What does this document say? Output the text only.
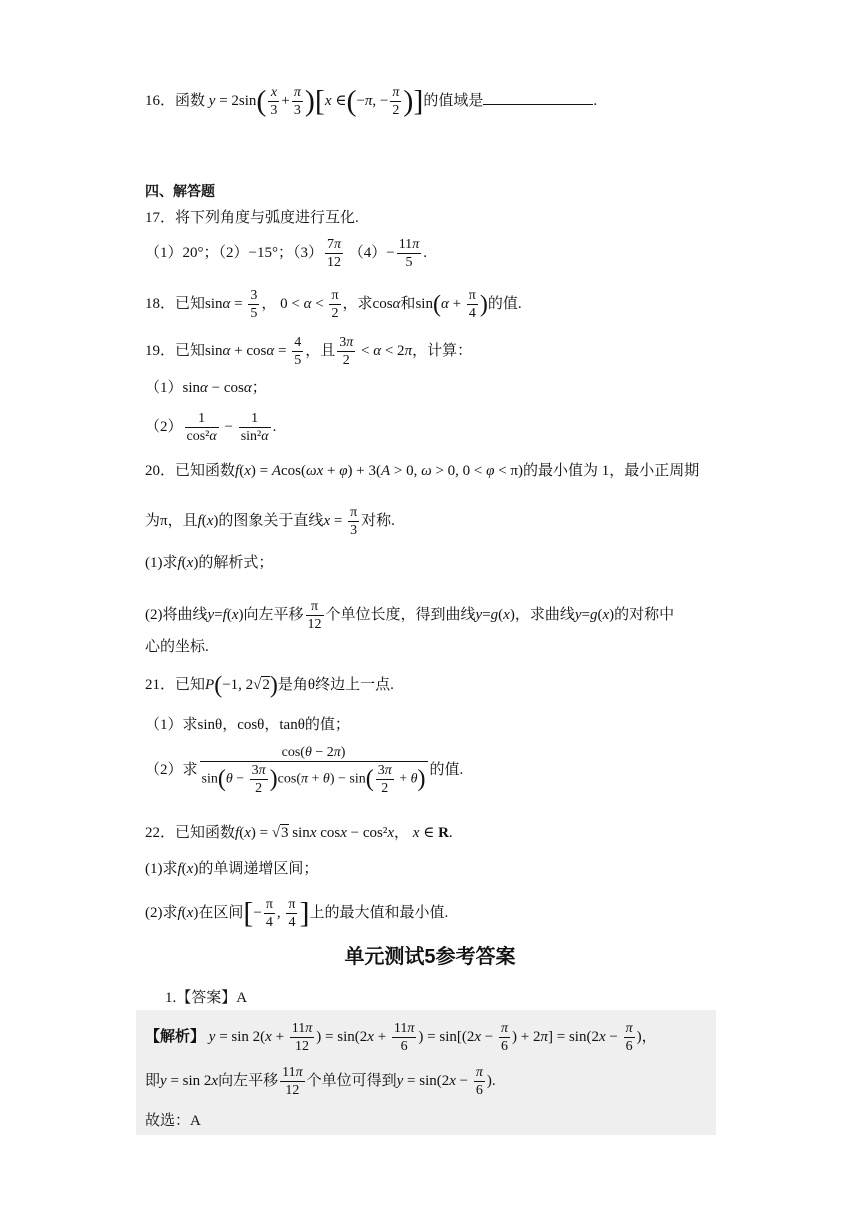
16．函数 $y = 2\sin( \frac{x}{3} + \frac{\pi}{3} )[x$ ∈(−π, − $\frac{\pi}{2}$ )]的值域是	.
四、解答题
17．将下列角度与弧度进行互化.
（1）20°；（2）−15°；$(3) \frac{7\pi}{12} (4)- \frac{11\pi}{5}$ .
18．已知$\sin\alpha = \frac{3}{5}$ ， $0 < \alpha < \frac{\pi}{2}$ ，求cosα和$\sin(\alpha + \frac{\pi}{4}$ )的值.
19．已知$\sin\alpha + \cos\alpha = \frac{4}{5}$ ，且 $\frac{3\pi}{2} < \alpha < 2\pi$，计算：
（1）sinα − cosα；
$(2) \frac{1}{\text{cos²α}} - \frac{1}{\text{sin²α}}$ .
20．已知函数f(x) = Acos(ωx + φ) + 3(A > 0, ω > 0, 0 < φ < π)的最小值为 1，最小正周期
为π，且f(x)的图象关于直线$x = \frac{\pi}{3}$ 对称.
(1)求f(x)的解析式；
(2)将曲线y=f(x)向左平移 $\frac{\pi}{12}$ 个单位长度，得到曲线y=g(x)，求曲线y=g(x)的对称中
心的坐标.
21．已知P(−1, 2√2)是角θ终边上一点.
（1）求sinθ，cosθ，tanθ的值；
（2）求 $\frac{\cos(\theta - 2\pi)}{\sin(\theta - \frac{3\pi}{2} )\cos(\pi + \theta) - \sin( \frac{3\pi}{2} + \theta)}$ 的值.
22．已知函数f(x) = √3 sinx cosx − cos²x， x ∈ R.
(1)求f(x)的单调递增区间；
(2)求f(x)在区间[− $\frac{\pi}{4}$ , $\frac{\pi}{4}$ ]上的最大值和最小值.
单元测试5参考答案
1.【答案】A
【解析】 $y = \sin 2(x + \frac{11\pi}{12}$ ) = $\sin(2x + \frac{11\pi}{6}$ ) = $\sin[(2x - \frac{\pi}{6}$ ) + $2\pi] = \sin(2x - \frac{\pi}{6}$ )，
即y = sin 2x向左平移 $\frac{11\pi}{12}$ 个单位可得到$y = \sin(2x - \frac{\pi}{6}$ ).
故选：A
